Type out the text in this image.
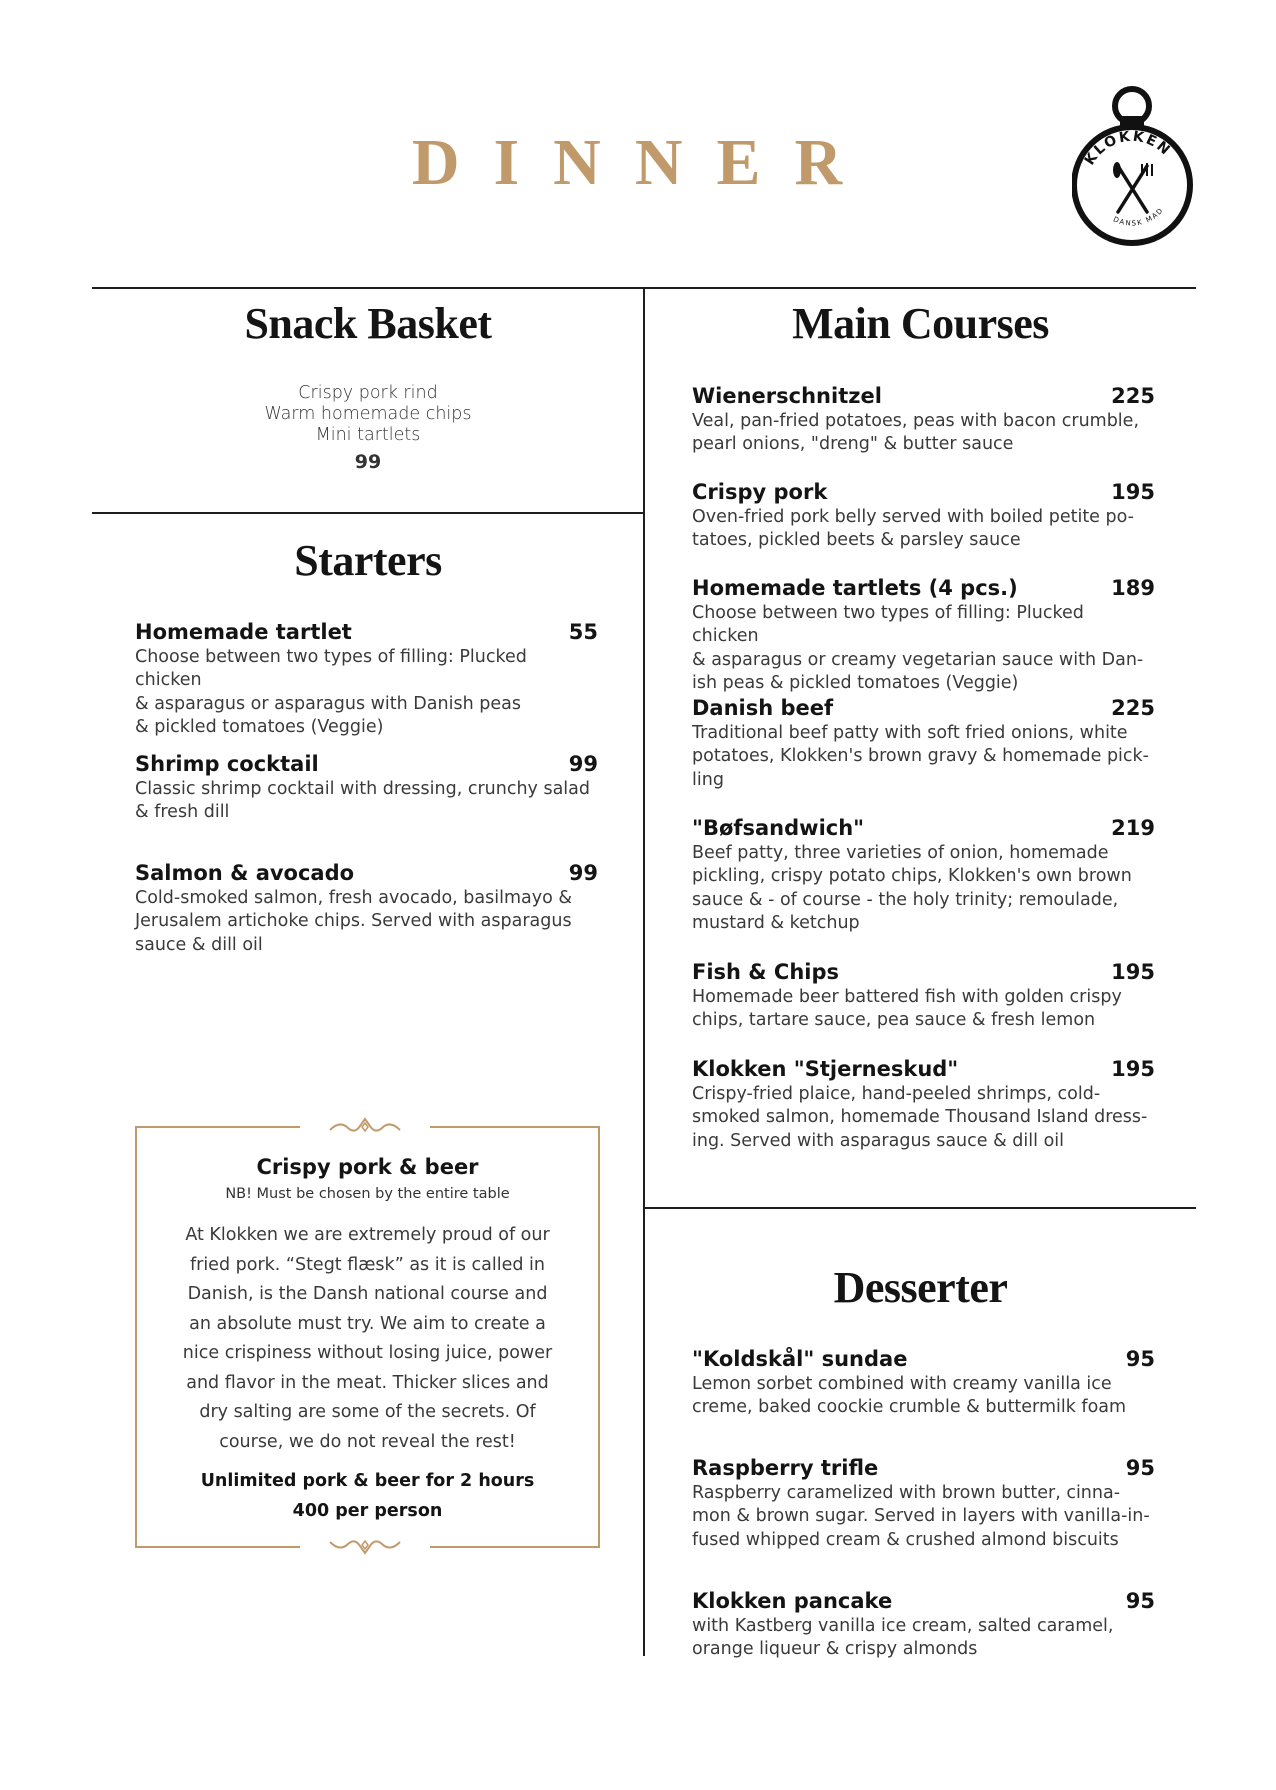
DINNER	KLOKKEN
DANSK MAD
Snack Basket
Crispy pork rind
Warm homemade chips
Mini tartlets
99
Starters
Homemade tartlet	55
Choose between two types of filling: Plucked chicken
& asparagus or asparagus with Danish peas
& pickled tomatoes (Veggie)
Shrimp cocktail	99
Classic shrimp cocktail with dressing, crunchy salad
& fresh dill
Salmon & avocado	99
Cold-smoked salmon, fresh avocado, basilmayo &
Jerusalem artichoke chips. Served with asparagus
sauce & dill oil
Crispy pork & beer
NB! Must be chosen by the entire table
At Klokken we are extremely proud of our
fried pork. “Stegt flæsk” as it is called in
Danish, is the Dansh national course and
an absolute must try. We aim to create a
nice crispiness without losing juice, power
and flavor in the meat. Thicker slices and
dry salting are some of the secrets. Of
course, we do not reveal the rest!
Unlimited pork & beer for 2 hours
400 per person
Main Courses
Wienerschnitzel	225
Veal, pan-fried potatoes, peas with bacon crumble,
pearl onions, "dreng" & butter sauce
Crispy pork	195
Oven-fried pork belly served with boiled petite po-
tatoes, pickled beets & parsley sauce
Homemade tartlets (4 pcs.)	189
Choose between two types of filling: Plucked chicken
& asparagus or creamy vegetarian sauce with Dan-
ish peas & pickled tomatoes (Veggie)
Danish beef	225
Traditional beef patty with soft fried onions, white
potatoes, Klokken's brown gravy & homemade pick-
ling
"Bøfsandwich"	219
Beef patty, three varieties of onion, homemade
pickling, crispy potato chips, Klokken's own brown
sauce & - of course - the holy trinity; remoulade,
mustard & ketchup
Fish & Chips	195
Homemade beer battered fish with golden crispy
chips, tartare sauce, pea sauce & fresh lemon
Klokken "Stjerneskud"	195
Crispy-fried plaice, hand-peeled shrimps, cold-
smoked salmon, homemade Thousand Island dress-
ing. Served with asparagus sauce & dill oil
Desserter
"Koldskål" sundae	95
Lemon sorbet combined with creamy vanilla ice
creme, baked coockie crumble & buttermilk foam
Raspberry trifle	95
Raspberry caramelized with brown butter, cinna-
mon & brown sugar. Served in layers with vanilla-in-
fused whipped cream & crushed almond biscuits
Klokken pancake	95
with Kastberg vanilla ice cream, salted caramel,
orange liqueur & crispy almonds
